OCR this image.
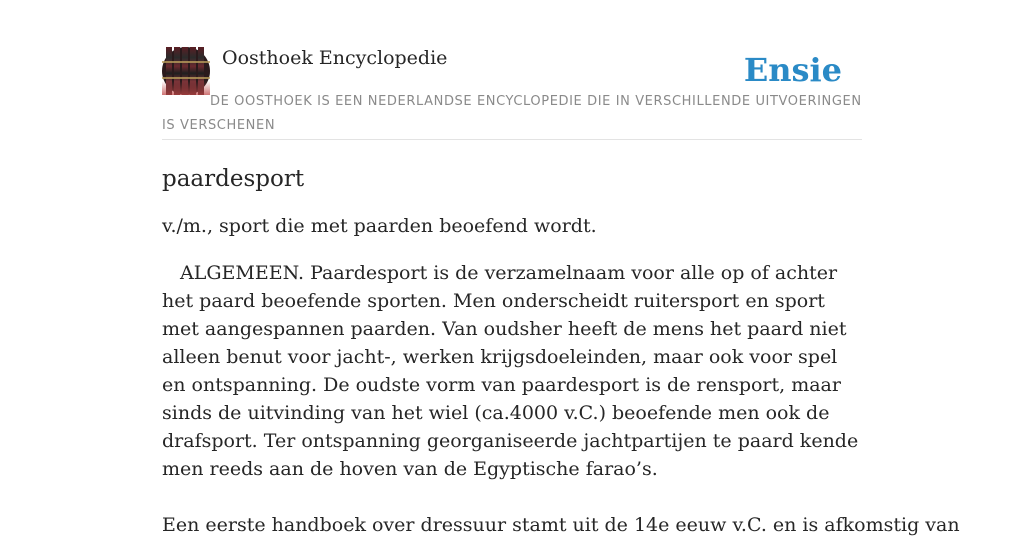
Oosthoek Encyclopedie	Ensie
DE OOSTHOEK IS EEN NEDERLANDSE ENCYCLOPEDIE DIE IN VERSCHILLENDE UITVOERINGEN IS VERSCHENEN
paardesport

v./m., sport die met paarden beoefend wordt.

ALGEMEEN. Paardesport is de verzamelnaam voor alle op of achter het paard beoefende sporten. Men onderscheidt ruitersport en sport met aangespannen paarden. Van oudsher heeft de mens het paard niet alleen benut voor jacht-, werken krijgsdoeleinden, maar ook voor spel en ontspanning. De oudste vorm van paardesport is de rensport, maar sinds de uitvinding van het wiel (ca.4000 v.C.) beoefende men ook de drafsport. Ter ontspanning georganiseerde jachtpartijen te paard kende men reeds aan de hoven van de Egyptische farao’s.

Een eerste handboek over dressuur stamt uit de 14e eeuw v.C. en is afkomstig van
